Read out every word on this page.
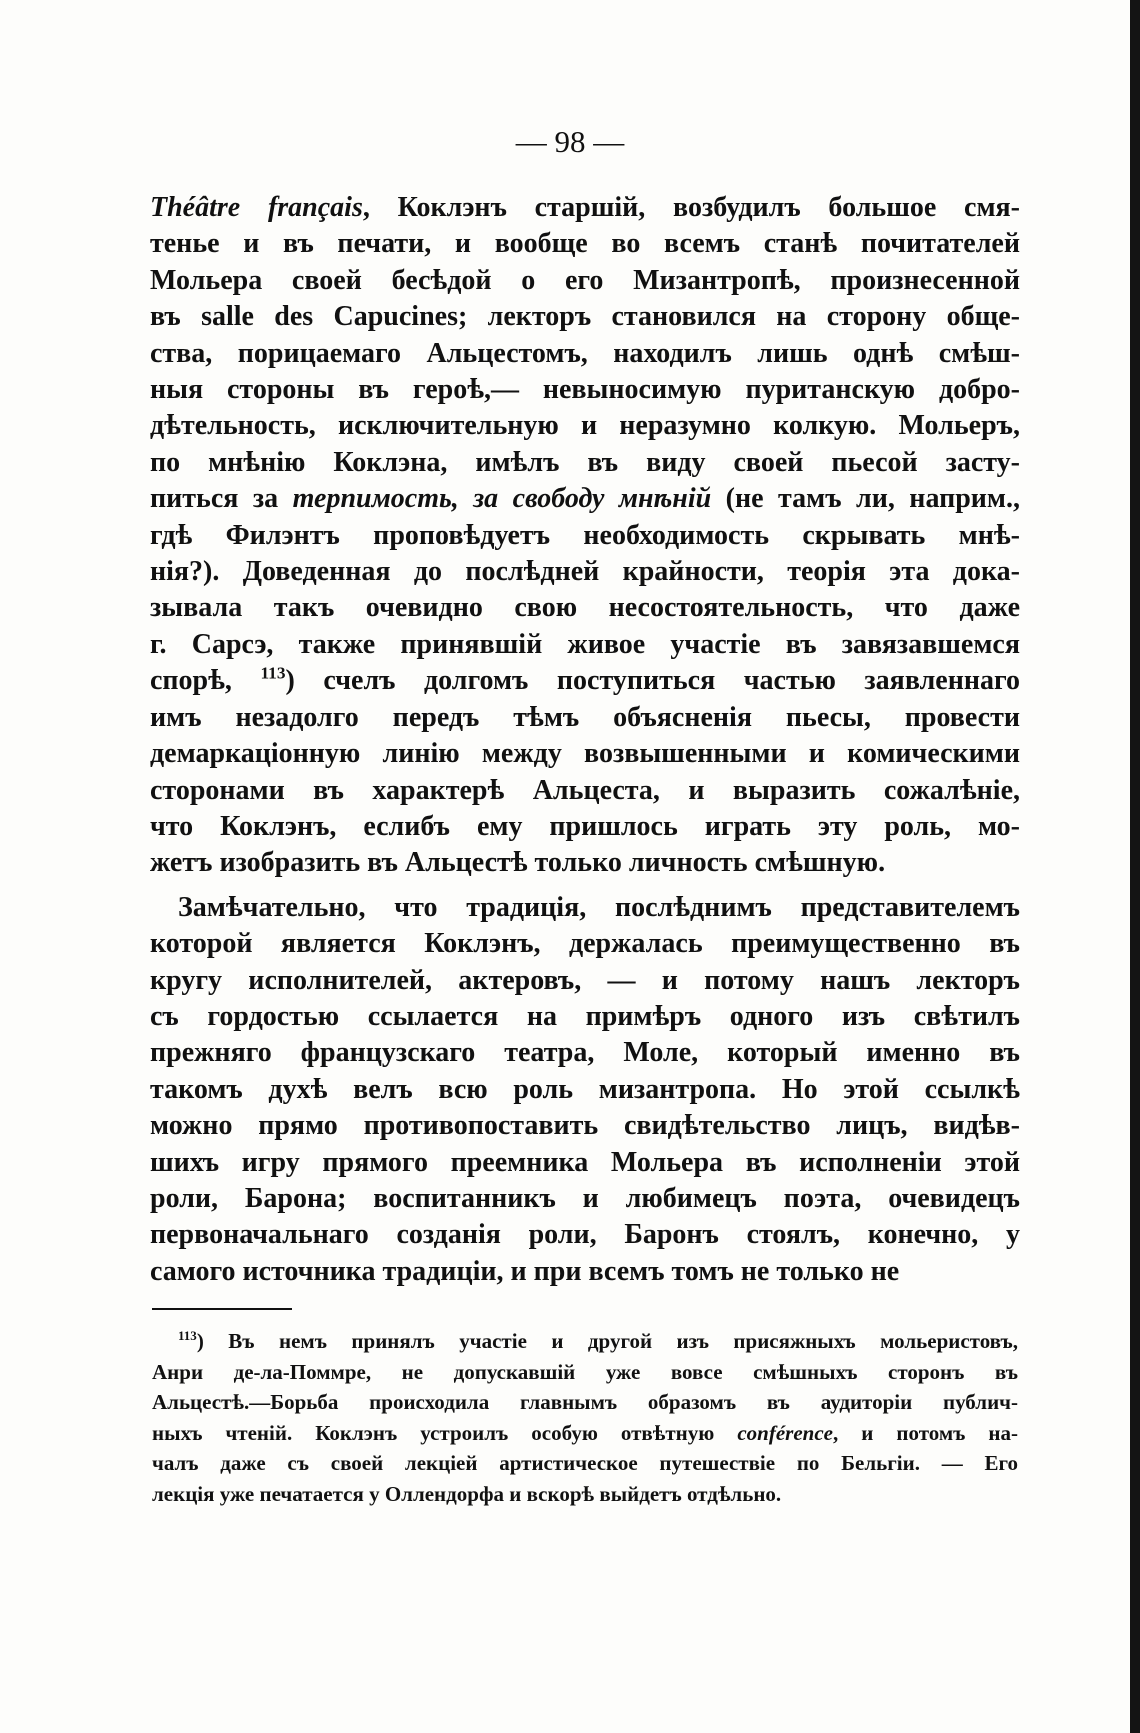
— 98 —

Théâtre français, Коклэнъ старшій, возбудилъ большое смя-

тенье и въ печати, и вообще во всемъ станѣ почитателей

Мольера своей бесѣдой о его Мизантропѣ, произнесенной

въ salle des Capucines; лекторъ становился на сторону обще-

ства, порицаемаго Альцестомъ, находилъ лишь однѣ смѣш-

ныя стороны въ героѣ,— невыносимую пуританскую добро-

дѣтельность, исключительную и неразумно колкую. Мольеръ,

по мнѣнію Коклэна, имѣлъ въ виду своей пьесой засту-

питься за терпимость, за свободу мнѣній (не тамъ ли, наприм.,

гдѣ Филэнтъ проповѣдуетъ необходимость скрывать мнѣ-

нія?). Доведенная до послѣдней крайности, теорія эта дока-

зывала такъ очевидно свою несостоятельность, что даже

г. Сарсэ, также принявшій живое участіе въ завязавшемся

спорѣ, $^{113}$) счелъ долгомъ поступиться частью заявленнаго

имъ незадолго передъ тѣмъ объясненія пьесы, провести

демаркаціонную линію между возвышенными и комическими

сторонами въ характерѣ Альцеста, и выразить сожалѣніе,

что Коклэнъ, еслибъ ему пришлось играть эту роль, мо-

жетъ изобразить въ Альцестѣ только личность смѣшную.

Замѣчательно, что традиція, послѣднимъ представителемъ

которой является Коклэнъ, держалась преимущественно въ

кругу исполнителей, актеровъ, — и потому нашъ лекторъ

съ гордостью ссылается на примѣръ одного изъ свѣтилъ

прежняго французскаго театра, Моле, который именно въ

такомъ духѣ велъ всю роль мизантропа. Но этой ссылкѣ

можно прямо противопоставить свидѣтельство лицъ, видѣв-

шихъ игру прямого преемника Мольера въ исполненіи этой

роли, Барона; воспитанникъ и любимецъ поэта, очевидецъ

первоначальнаго созданія роли, Баронъ стоялъ, конечно, у

самого источника традиціи, и при всемъ томъ не только не

$^{113}$) Въ немъ принялъ участіе и другой изъ присяжныхъ мольеристовъ,

Анри де-ла-Поммре, не допускавшій уже вовсе смѣшныхъ сторонъ въ

Альцестѣ.—Борьба происходила главнымъ образомъ въ аудиторіи публич-

ныхъ чтеній. Коклэнъ устроилъ особую отвѣтную conférence, и потомъ на-

чалъ даже съ своей лекціей артистическое путешествіе по Бельгіи. — Его

лекція уже печатается у Оллендорфа и вскорѣ выйдетъ отдѣльно.
